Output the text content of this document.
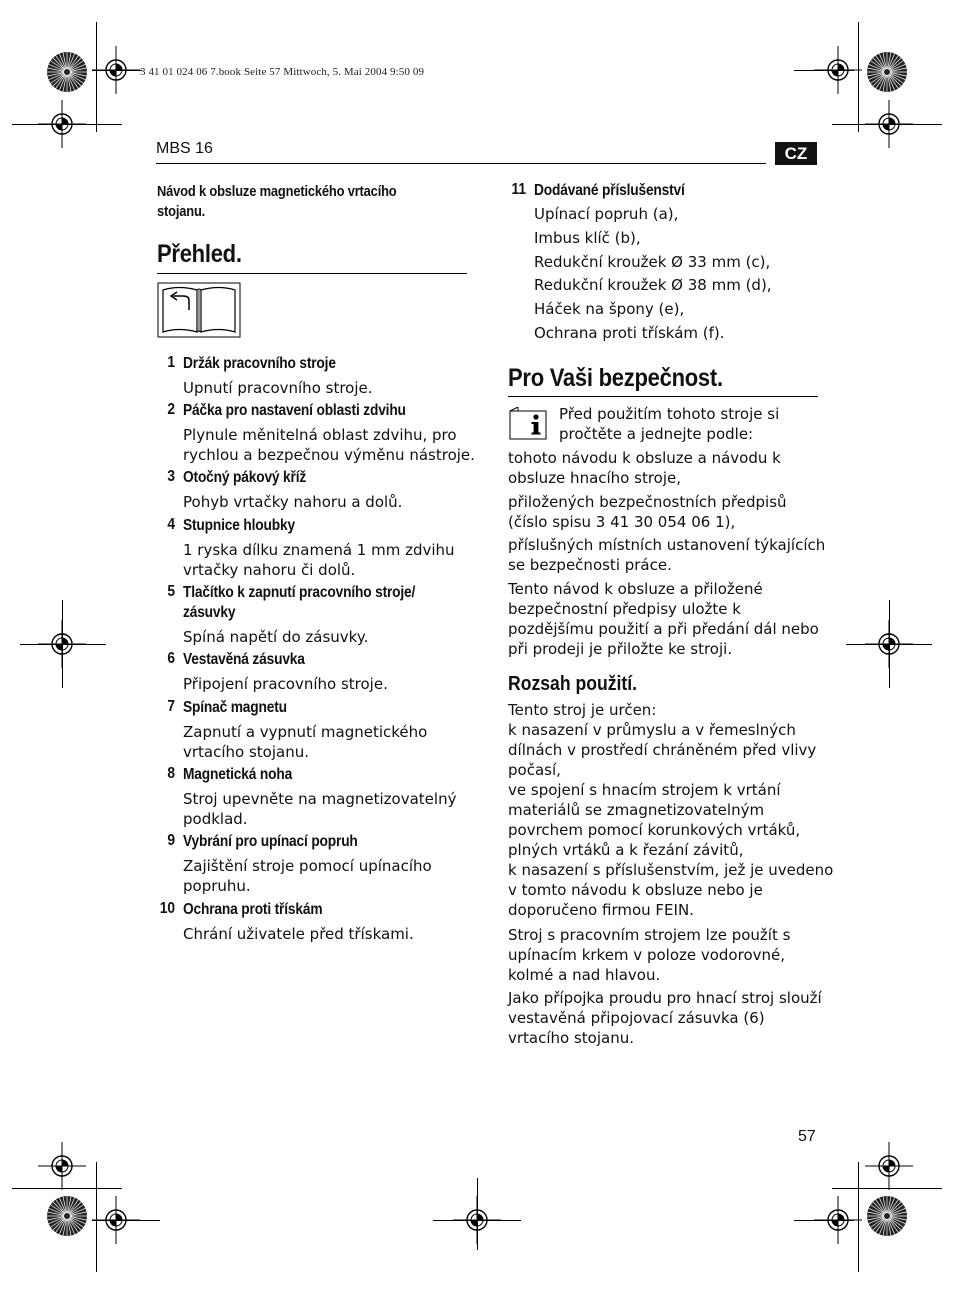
3 41 01 024 06 7.book Seite 57 Mittwoch, 5. Mai 2004 9:50 09
MBS 16	CZ
Návod k obsluze magnetického vrtacího stojanu.
Přehled.
1 Držák pracovního stroje
Upnutí pracovního stroje.
2 Páčka pro nastavení oblasti zdvihu
Plynule měnitelná oblast zdvihu, pro rychlou a bezpečnou výměnu nástroje.
3 Otočný pákový kříž
Pohyb vrtačky nahoru a dolů.
4 Stupnice hloubky
1 ryska dílku znamená 1 mm zdvihu vrtačky nahoru či dolů.
5 Tlačítko k zapnutí pracovního stroje/ zásuvky
Spíná napětí do zásuvky.
6 Vestavěná zásuvka
Připojení pracovního stroje.
7 Spínač magnetu
Zapnutí a vypnutí magnetického vrtacího stojanu.
8 Magnetická noha
Stroj upevněte na magnetizovatelný podklad.
9 Vybrání pro upínací popruh
Zajištění stroje pomocí upínacího popruhu.
10 Ochrana proti třískám
Chrání uživatele před třískami.
11 Dodávané příslušenství
Upínací popruh (a),
Imbus klíč (b),
Redukční kroužek Ø 33 mm (c),
Redukční kroužek Ø 38 mm (d),
Háček na špony (e),
Ochrana proti třískám (f).
Pro Vaši bezpečnost.
Před použitím tohoto stroje si pročtěte a jednejte podle:
tohoto návodu k obsluze a návodu k obsluze hnacího stroje,
přiložených bezpečnostních předpisů (číslo spisu 3 41 30 054 06 1),
příslušných místních ustanovení týkajících se bezpečnosti práce.
Tento návod k obsluze a přiložené bezpečnostní předpisy uložte k pozdějšímu použití a při předání dál nebo při prodeji je přiložte ke stroji.
Rozsah použití.
Tento stroj je určen:
k nasazení v průmyslu a v řemeslných
dílnách v prostředí chráněném před vlivy
počasí,
ve spojení s hnacím strojem k vrtání
materiálů se zmagnetizovatelným
povrchem pomocí korunkových vrtáků,
plných vrtáků a k řezání závitů,
k nasazení s příslušenstvím, jež je uvedeno
v tomto návodu k obsluze nebo je
doporučeno firmou FEIN.
Stroj s pracovním strojem lze použít s upínacím krkem v poloze vodorovné, kolmé a nad hlavou.
Jako přípojka proudu pro hnací stroj slouží vestavěná připojovací zásuvka (6) vrtacího stojanu.
57
